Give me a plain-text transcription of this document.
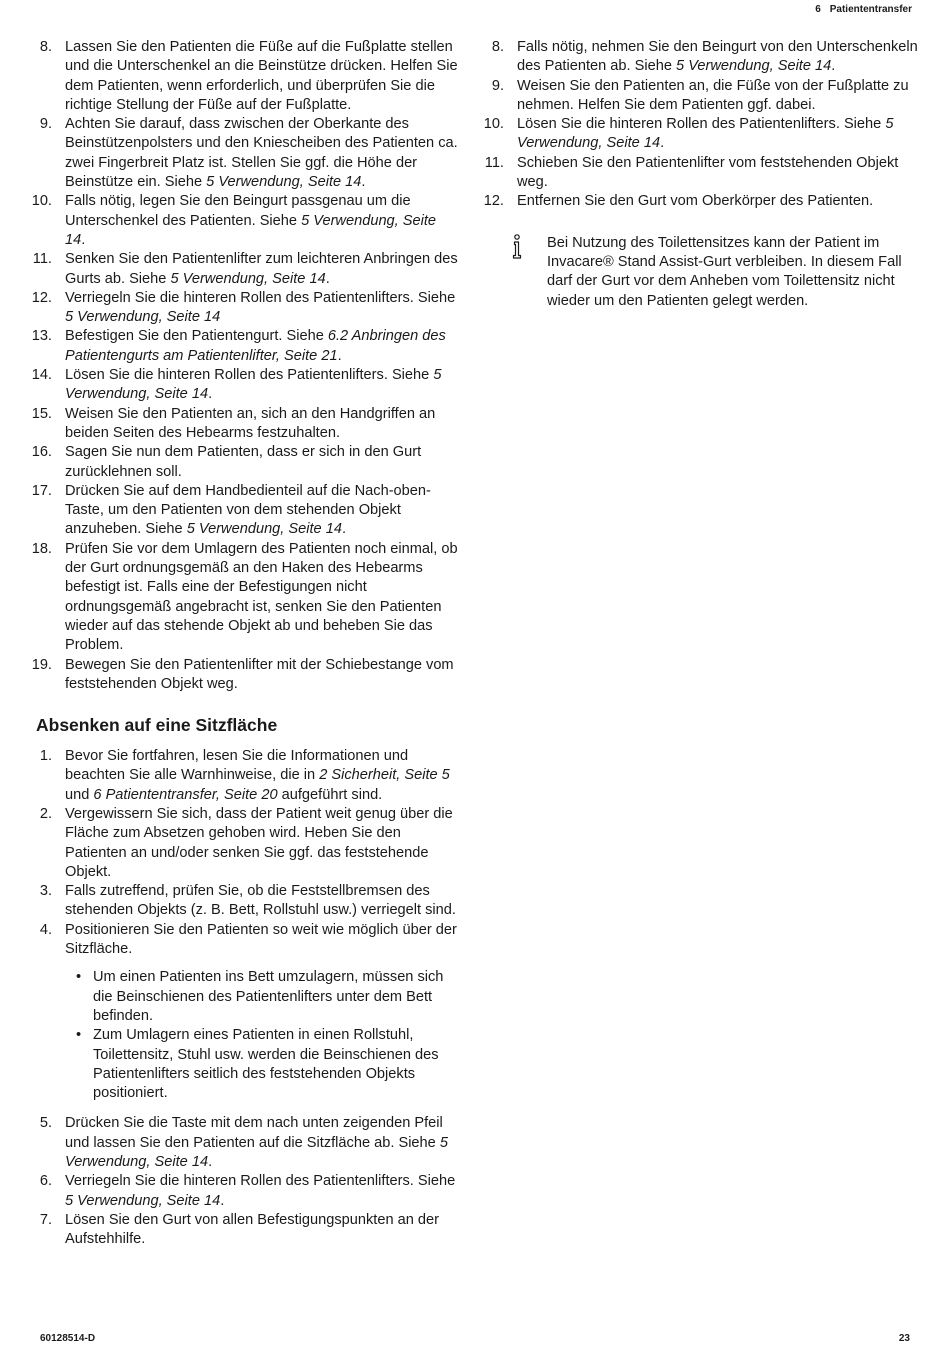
6 Patiententransfer
8. Lassen Sie den Patienten die Füße auf die Fußplatte stellen und die Unterschenkel an die Beinstütze drücken. Helfen Sie dem Patienten, wenn erforderlich, und überprüfen Sie die richtige Stellung der Füße auf der Fußplatte.
9. Achten Sie darauf, dass zwischen der Oberkante des Beinstützenpolsters und den Kniescheiben des Patienten ca. zwei Fingerbreit Platz ist. Stellen Sie ggf. die Höhe der Beinstütze ein. Siehe 5 Verwendung, Seite 14.
10. Falls nötig, legen Sie den Beingurt passgenau um die Unterschenkel des Patienten. Siehe 5 Verwendung, Seite 14.
11. Senken Sie den Patientenlifter zum leichteren Anbringen des Gurts ab. Siehe 5 Verwendung, Seite 14.
12. Verriegeln Sie die hinteren Rollen des Patientenlifters. Siehe 5 Verwendung, Seite 14
13. Befestigen Sie den Patientengurt. Siehe 6.2 Anbringen des Patientengurts am Patientenlifter, Seite 21.
14. Lösen Sie die hinteren Rollen des Patientenlifters. Siehe 5 Verwendung, Seite 14.
15. Weisen Sie den Patienten an, sich an den Handgriffen an beiden Seiten des Hebearms festzuhalten.
16. Sagen Sie nun dem Patienten, dass er sich in den Gurt zurücklehnen soll.
17. Drücken Sie auf dem Handbedienteil auf die Nach-oben-Taste, um den Patienten von dem stehenden Objekt anzuheben. Siehe 5 Verwendung, Seite 14.
18. Prüfen Sie vor dem Umlagern des Patienten noch einmal, ob der Gurt ordnungsgemäß an den Haken des Hebearms befestigt ist. Falls eine der Befestigungen nicht ordnungsgemäß angebracht ist, senken Sie den Patienten wieder auf das stehende Objekt ab und beheben Sie das Problem.
19. Bewegen Sie den Patientenlifter mit der Schiebestange vom feststehenden Objekt weg.
Absenken auf eine Sitzfläche
1. Bevor Sie fortfahren, lesen Sie die Informationen und beachten Sie alle Warnhinweise, die in 2 Sicherheit, Seite 5 und 6 Patiententransfer, Seite 20 aufgeführt sind.
2. Vergewissern Sie sich, dass der Patient weit genug über die Fläche zum Absetzen gehoben wird. Heben Sie den Patienten an und/oder senken Sie ggf. das feststehende Objekt.
3. Falls zutreffend, prüfen Sie, ob die Feststellbremsen des stehenden Objekts (z. B. Bett, Rollstuhl usw.) verriegelt sind.
4. Positionieren Sie den Patienten so weit wie möglich über der Sitzfläche.
• Um einen Patienten ins Bett umzulagern, müssen sich die Beinschienen des Patientenlifters unter dem Bett befinden.
• Zum Umlagern eines Patienten in einen Rollstuhl, Toilettensitz, Stuhl usw. werden die Beinschienen des Patientenlifters seitlich des feststehenden Objekts positioniert.
5. Drücken Sie die Taste mit dem nach unten zeigenden Pfeil und lassen Sie den Patienten auf die Sitzfläche ab. Siehe 5 Verwendung, Seite 14.
6. Verriegeln Sie die hinteren Rollen des Patientenlifters. Siehe 5 Verwendung, Seite 14.
7. Lösen Sie den Gurt von allen Befestigungspunkten an der Aufstehhilfe.
8. Falls nötig, nehmen Sie den Beingurt von den Unterschenkeln des Patienten ab. Siehe 5 Verwendung, Seite 14.
9. Weisen Sie den Patienten an, die Füße von der Fußplatte zu nehmen. Helfen Sie dem Patienten ggf. dabei.
10. Lösen Sie die hinteren Rollen des Patientenlifters. Siehe 5 Verwendung, Seite 14.
11. Schieben Sie den Patientenlifter vom feststehenden Objekt weg.
12. Entfernen Sie den Gurt vom Oberkörper des Patienten.
Bei Nutzung des Toilettensitzes kann der Patient im Invacare® Stand Assist-Gurt verbleiben. In diesem Fall darf der Gurt vor dem Anheben vom Toilettensitz nicht wieder um den Patienten gelegt werden.
60128514-D	23
